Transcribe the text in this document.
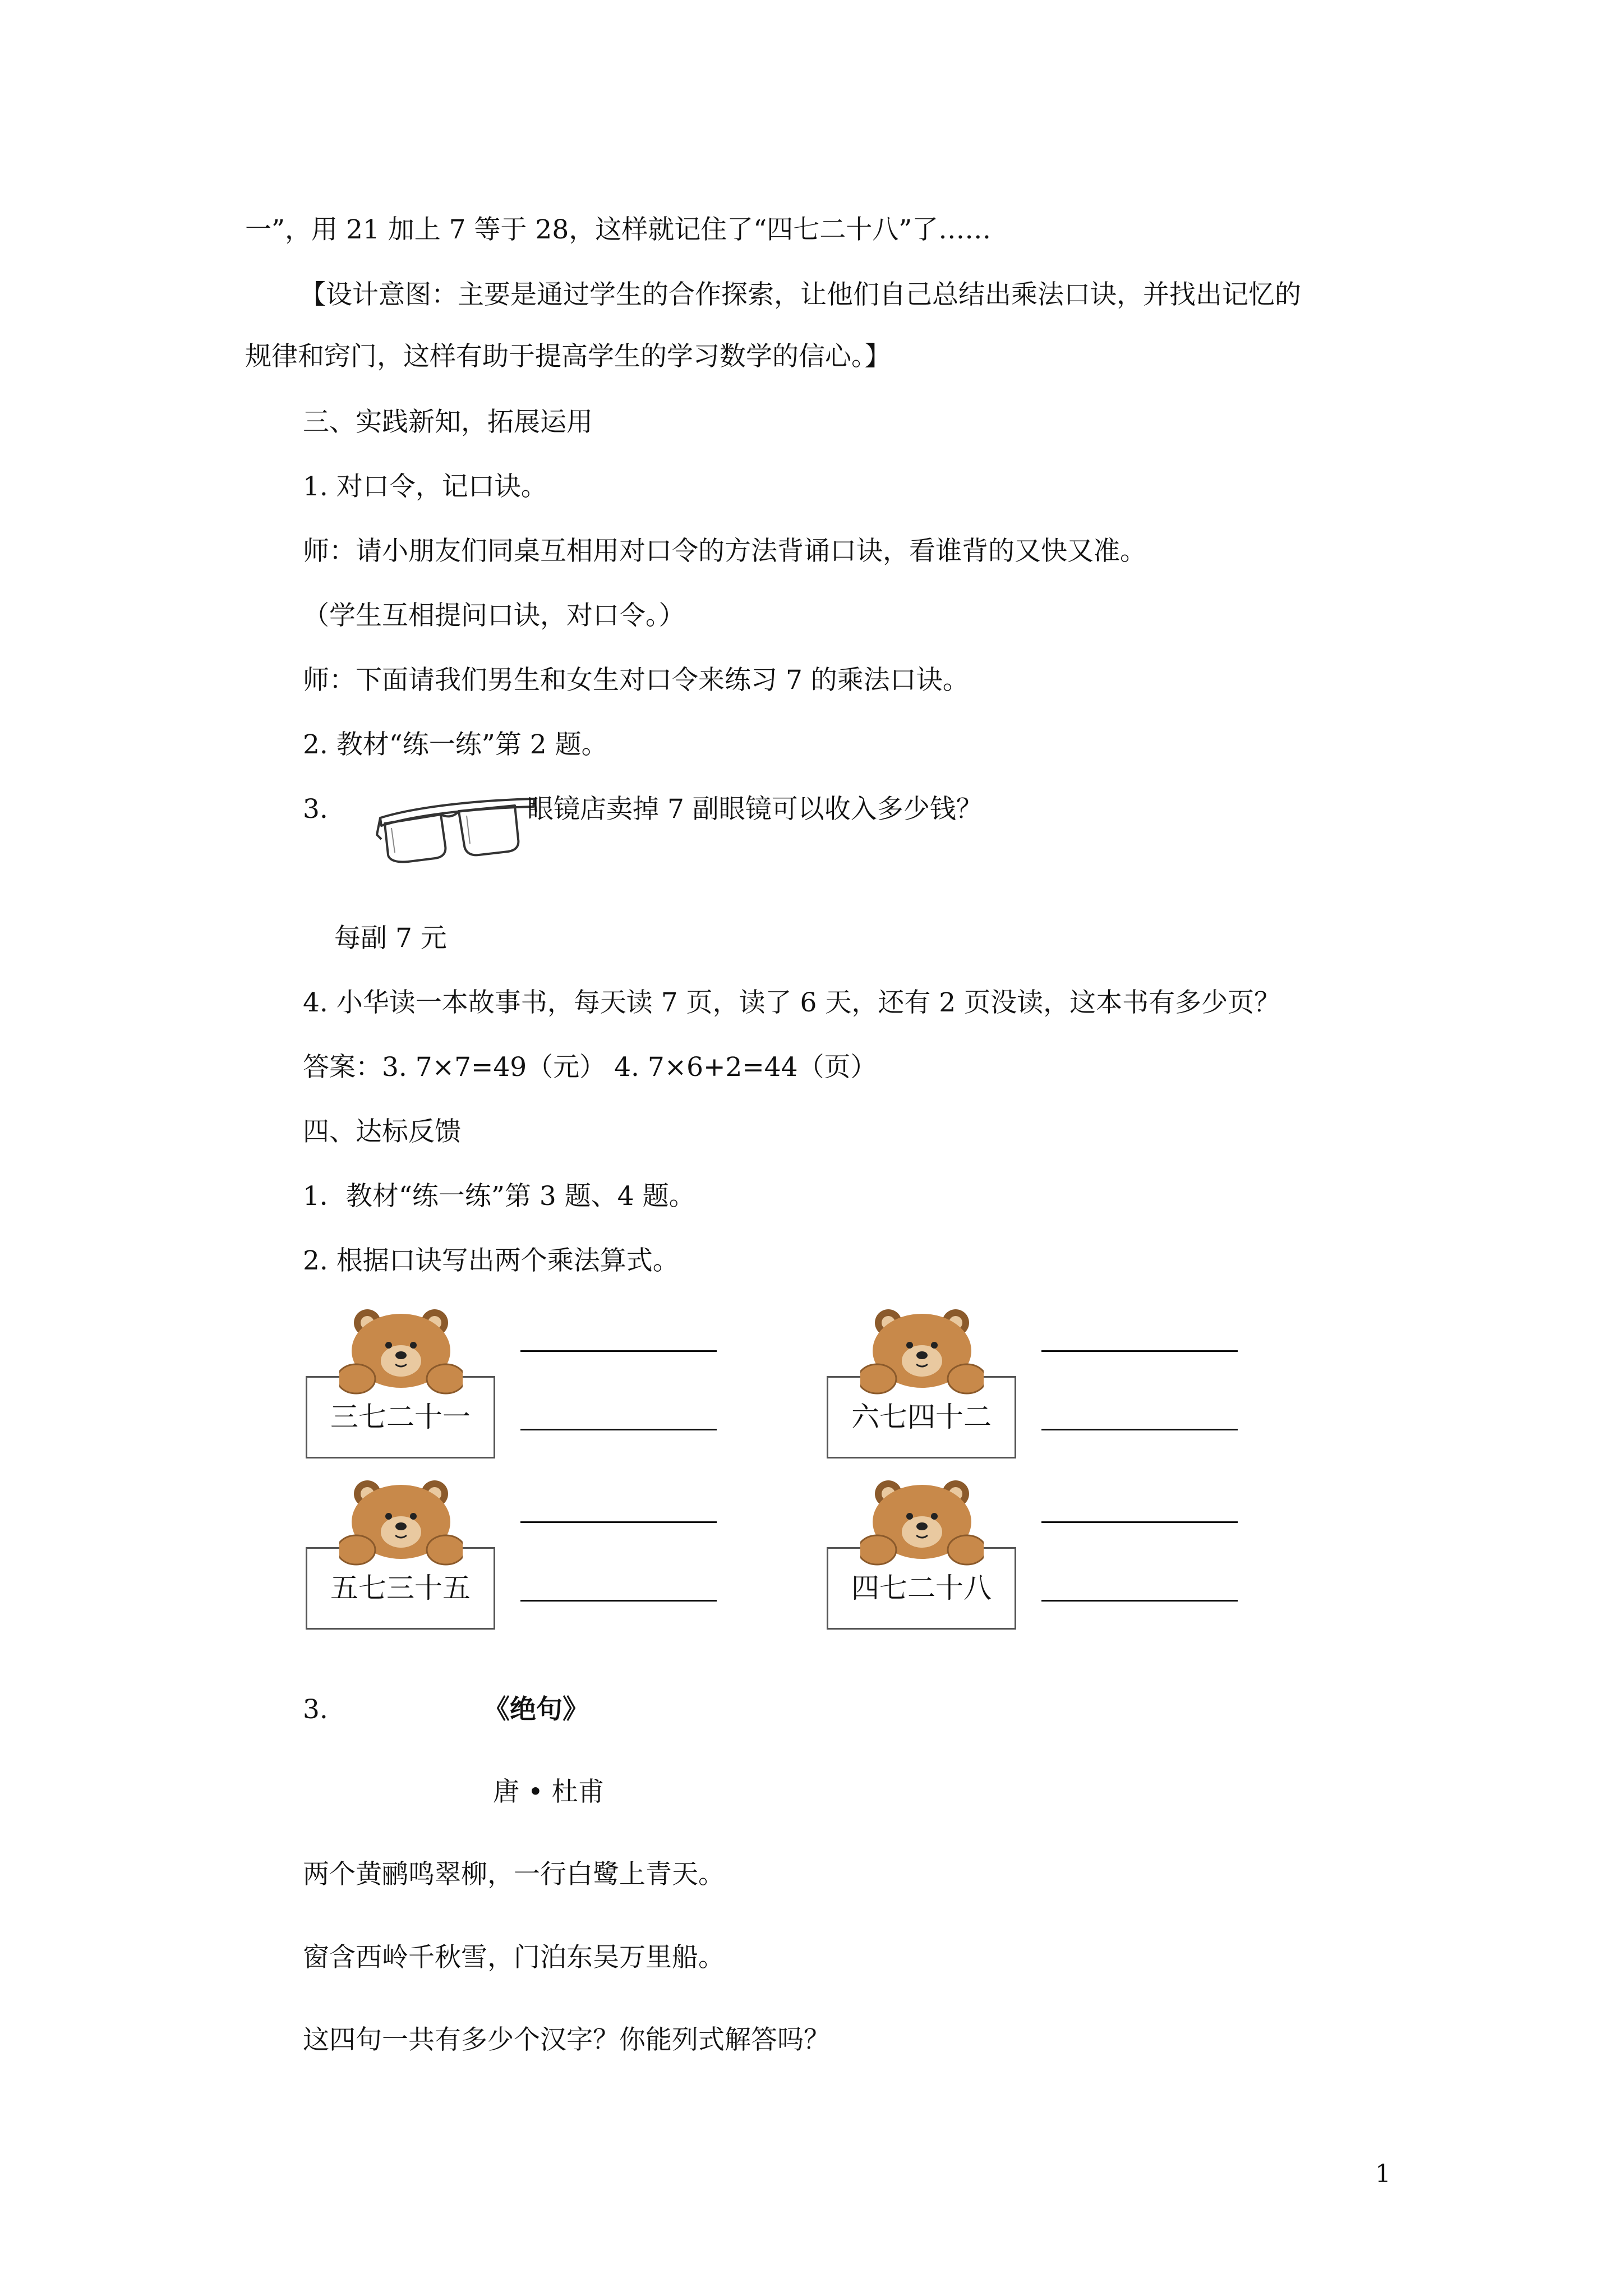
一”，用 21 加上 7 等于 28，这样就记住了“四七二十八”了……
【设计意图：主要是通过学生的合作探索，让他们自己总结出乘法口诀，并找出记忆的
规律和窍门，这样有助于提高学生的学习数学的信心。】
三、实践新知，拓展运用
1. 对口令，记口诀。
师：请小朋友们同桌互相用对口令的方法背诵口诀，看谁背的又快又准。
（学生互相提问口诀，对口令。）
师：下面请我们男生和女生对口令来练习 7 的乘法口诀。
2. 教材“练一练”第 2 题。
3.	眼镜店卖掉 7 副眼镜可以收入多少钱？
每副 7 元
4. 小华读一本故事书，每天读 7 页，读了 6 天，还有 2 页没读，这本书有多少页？
答案：3. 7×7=49（元） 4. 7×6+2=44（页）
四、达标反馈
1．教材“练一练”第 3 题、4 题。
2. 根据口诀写出两个乘法算式。
三七二十一	六七四十二
五七三十五	四七二十八
3.	《绝句》
唐 • 杜甫
两个黄鹂鸣翠柳，一行白鹭上青天。
窗含西岭千秋雪，门泊东吴万里船。
这四句一共有多少个汉字？你能列式解答吗？
1
